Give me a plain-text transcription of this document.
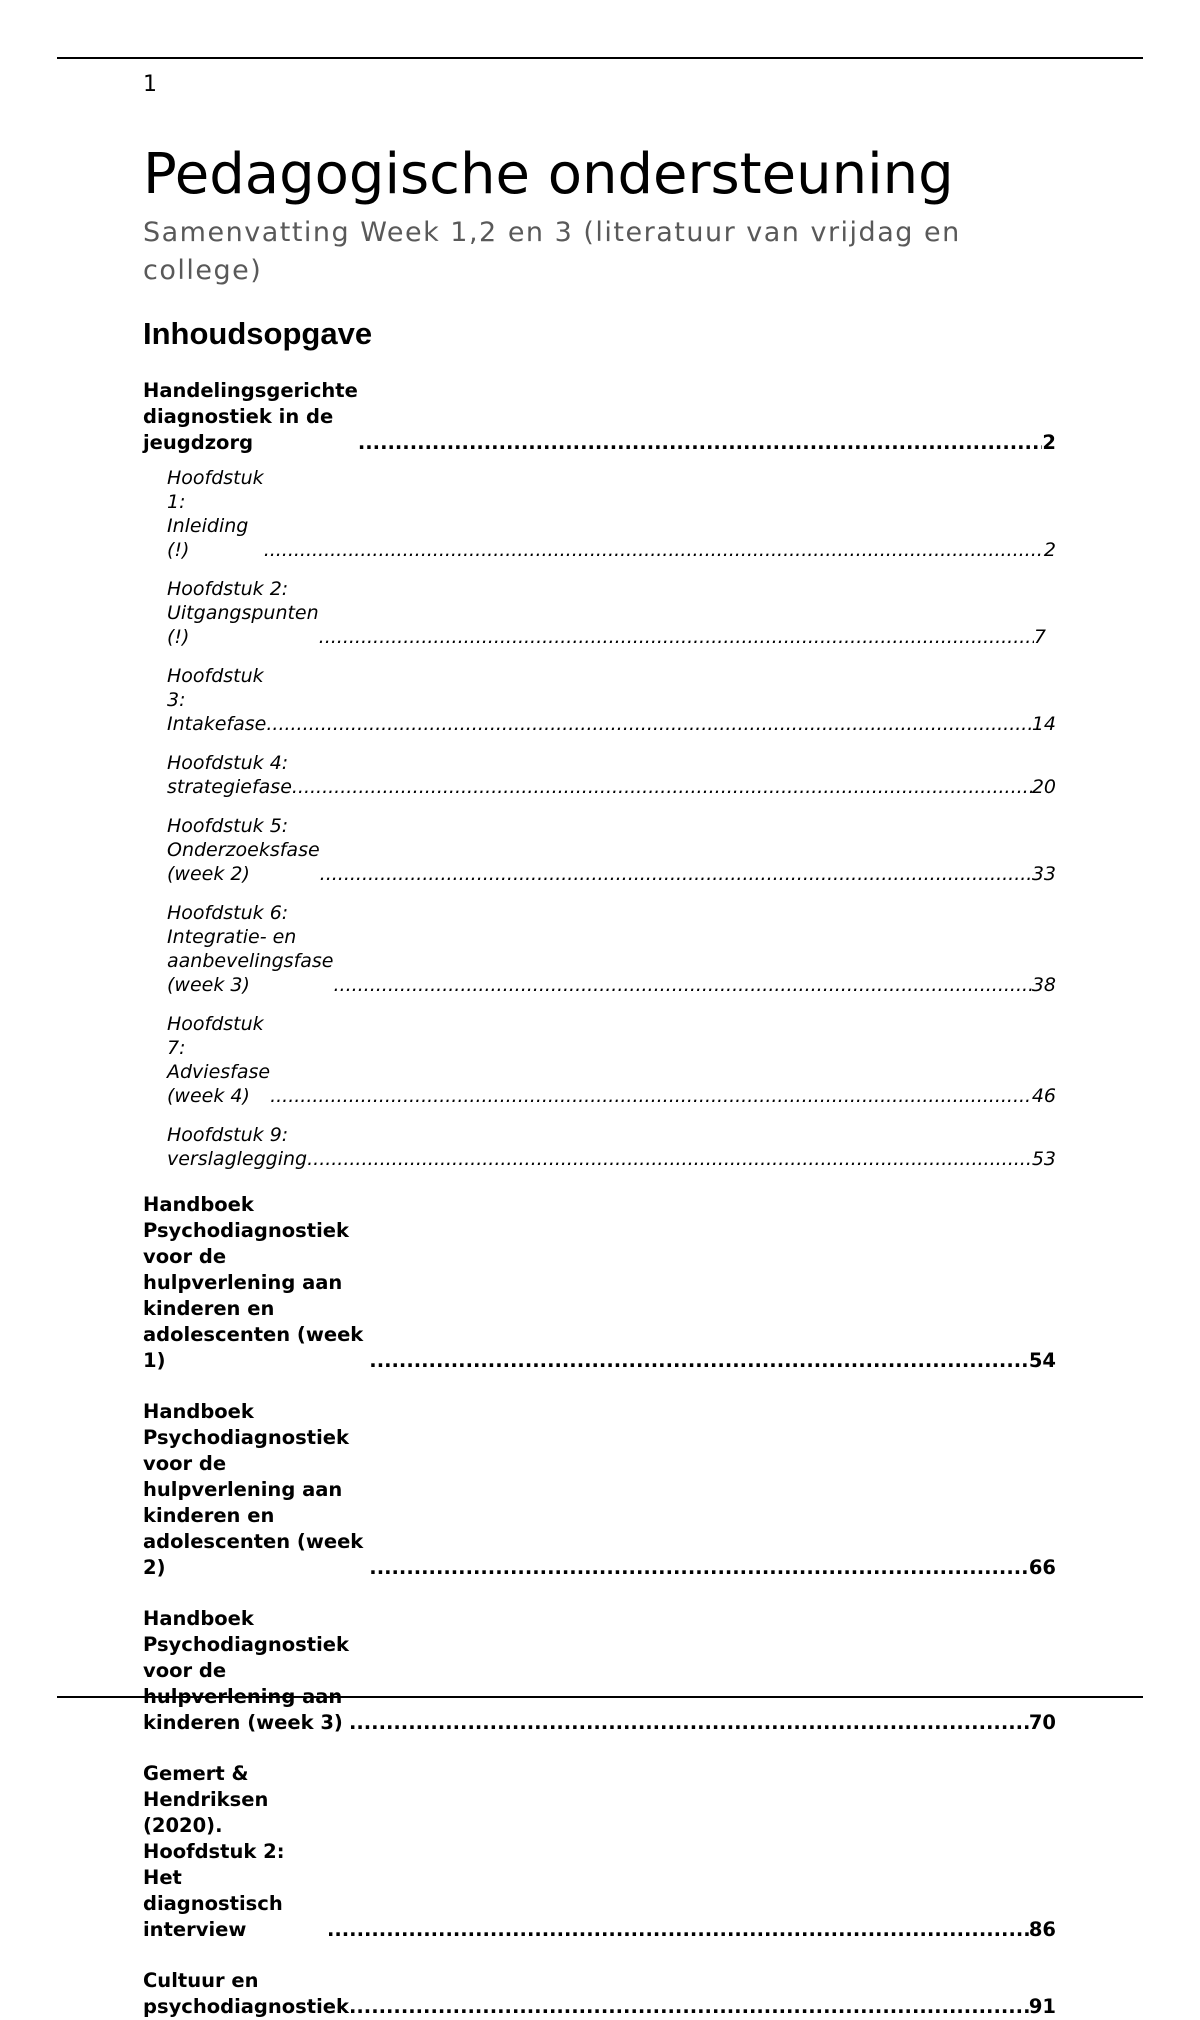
1
Pedagogische ondersteuning

Samenvatting Week 1,2 en 3 (literatuur van vrijdag en college)

Inhoudsopgave
Handelingsgerichte diagnostiek in de jeugdzorg .....	2
Hoofdstuk 1: Inleiding (!) .....	2
Hoofdstuk 2: Uitgangspunten (!) .....	7
Hoofdstuk 3: Intakefase .....	14
Hoofdstuk 4: strategiefase .....	20
Hoofdstuk 5: Onderzoeksfase (week 2) .....	33
Hoofdstuk 6: Integratie- en aanbevelingsfase (week 3) .....	38
Hoofdstuk 7: Adviesfase (week 4) .....	46
Hoofdstuk 9: verslaglegging .....	53
Handboek Psychodiagnostiek voor de hulpverlening aan kinderen en adolescenten (week 1) .....	54
Handboek Psychodiagnostiek voor de hulpverlening aan kinderen en adolescenten (week 2) .....	66
Handboek Psychodiagnostiek voor de hulpverlening aan kinderen (week 3) .....	70
Gemert & Hendriksen (2020). Hoofdstuk 2: Het diagnostisch interview .....	86
Cultuur en psychodiagnostiek .....	91
